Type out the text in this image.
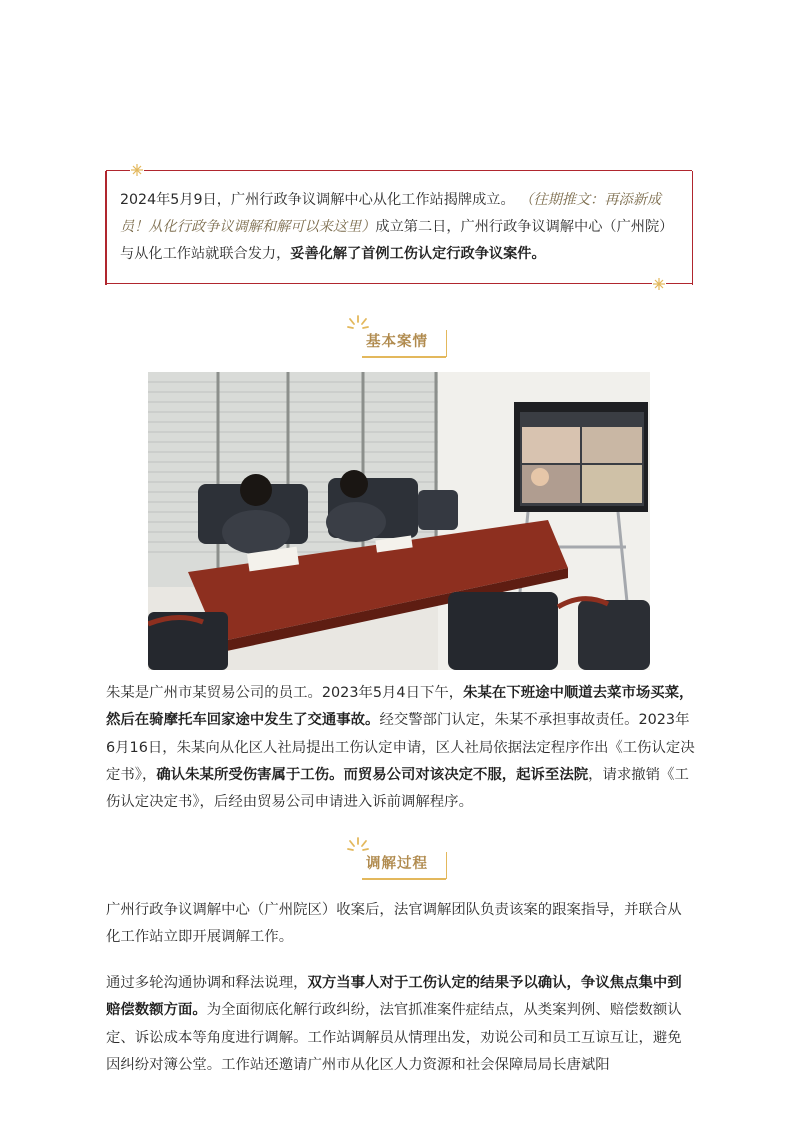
2024年5月9日，广州行政争议调解中心从化工作站揭牌成立。 （往期推文：再添新成员！从化行政争议调解和解可以来这里）成立第二日，广州行政争议调解中心（广州院）与从化工作站就联合发力，妥善化解了首例工伤认定行政争议案件。
基本案情
朱某是广州市某贸易公司的员工。2023年5月4日下午，朱某在下班途中顺道去菜市场买菜，然后在骑摩托车回家途中发生了交通事故。经交警部门认定，朱某不承担事故责任。2023年6月16日，朱某向从化区人社局提出工伤认定申请，区人社局依据法定程序作出《工伤认定决定书》，确认朱某所受伤害属于工伤。而贸易公司对该决定不服，起诉至法院，请求撤销《工伤认定决定书》，后经由贸易公司申请进入诉前调解程序。
调解过程
广州行政争议调解中心（广州院区）收案后，法官调解团队负责该案的跟案指导，并联合从化工作站立即开展调解工作。
通过多轮沟通协调和释法说理，双方当事人对于工伤认定的结果予以确认，争议焦点集中到赔偿数额方面。为全面彻底化解行政纠纷，法官抓准案件症结点，从类案判例、赔偿数额认定、诉讼成本等角度进行调解。工作站调解员从情理出发，劝说公司和员工互谅互让，避免因纠纷对簿公堂。工作站还邀请广州市从化区人力资源和社会保障局局长唐斌阳
